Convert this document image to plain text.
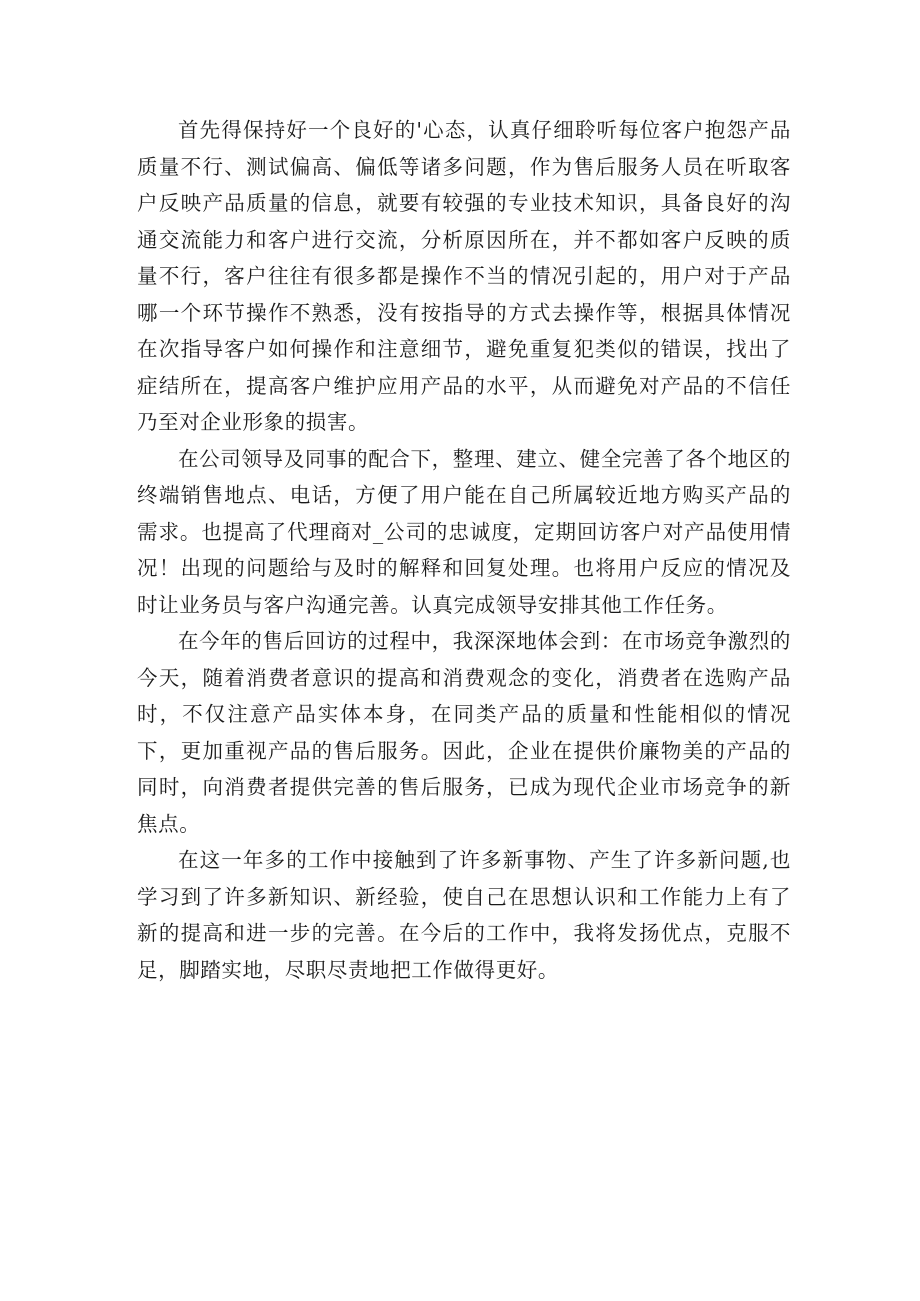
首先得保持好一个良好的'心态，认真仔细聆听每位客户抱怨产品质量不行、测试偏高、偏低等诸多问题，作为售后服务人员在听取客户反映产品质量的信息，就要有较强的专业技术知识，具备良好的沟通交流能力和客户进行交流，分析原因所在，并不都如客户反映的质量不行，客户往往有很多都是操作不当的情况引起的，用户对于产品哪一个环节操作不熟悉，没有按指导的方式去操作等，根据具体情况在次指导客户如何操作和注意细节，避免重复犯类似的错误，找出了症结所在，提高客户维护应用产品的水平，从而避免对产品的不信任乃至对企业形象的损害。

在公司领导及同事的配合下，整理、建立、健全完善了各个地区的终端销售地点、电话，方便了用户能在自己所属较近地方购买产品的需求。也提高了代理商对_公司的忠诚度，定期回访客户对产品使用情况！出现的问题给与及时的解释和回复处理。也将用户反应的情况及时让业务员与客户沟通完善。认真完成领导安排其他工作任务。

在今年的售后回访的过程中，我深深地体会到：在市场竞争激烈的今天，随着消费者意识的提高和消费观念的变化，消费者在选购产品时，不仅注意产品实体本身，在同类产品的质量和性能相似的情况下，更加重视产品的售后服务。因此，企业在提供价廉物美的产品的同时，向消费者提供完善的售后服务，已成为现代企业市场竞争的新焦点。

在这一年多的工作中接触到了许多新事物、产生了许多新问题,也学习到了许多新知识、新经验，使自己在思想认识和工作能力上有了新的提高和进一步的完善。在今后的工作中，我将发扬优点，克服不足，脚踏实地，尽职尽责地把工作做得更好。
